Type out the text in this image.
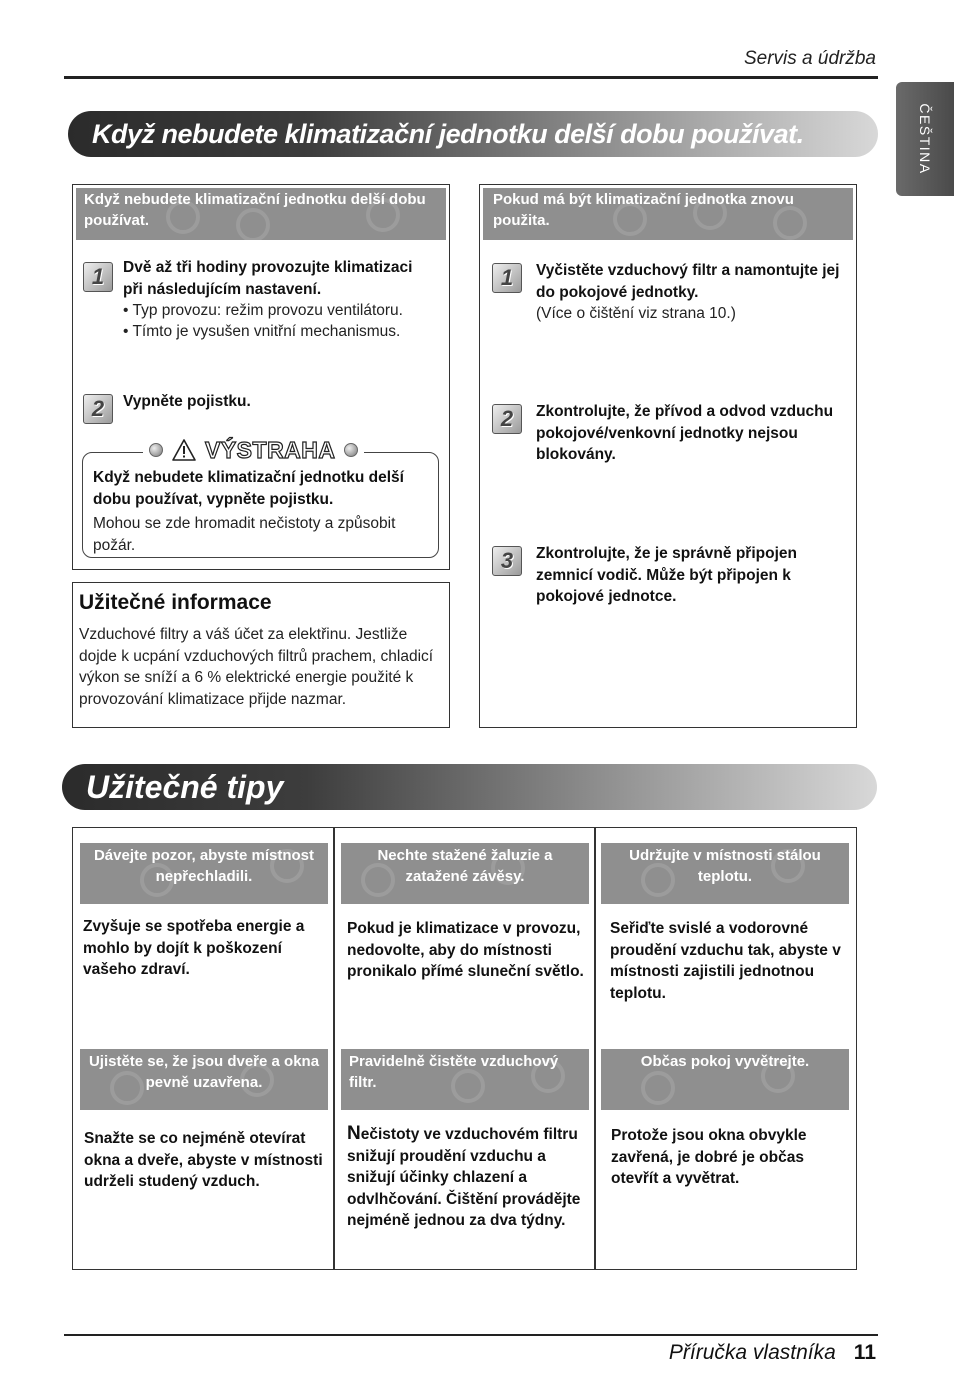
Servis a údržba
ČEŠTINA
Když nebudete klimatizační jednotku delší dobu používat.
Když nebudete klimatizační jednotku delší dobu používat.
1	Dvě až tři hodiny provozujte klimatizaci při následujícím nastavení.
• Typ provozu: režim provozu ventilátoru.
• Tímto je vysušen vnitřní mechanismus.
2	Vypněte pojistku.
VÝSTRAHA
Když nebudete klimatizační jednotku delší dobu používat, vypněte pojistku.
Mohou se zde hromadit nečistoty a způsobit požár.
Užitečné informace
Vzduchové filtry a váš účet za elektřinu. Jestliže dojde k ucpání vzduchových filtrů prachem, chladicí výkon se sníží a 6 % elektrické energie použité k provozování klimatizace přijde nazmar.
Pokud má být klimatizační jednotka znovu použita.
1	Vyčistěte vzduchový filtr a namontujte jej do pokojové jednotky.
(Více o čištění viz strana 10.)
2	Zkontrolujte, že přívod a odvod vzduchu pokojové/venkovní jednotky nejsou blokovány.
3	Zkontrolujte, že je správně připojen zemnicí vodič. Může být připojen k pokojové jednotce.
Užitečné tipy
Dávejte pozor, abyste místnost nepřechladili.
Nechte stažené žaluzie a zatažené závěsy.
Udržujte v místnosti stálou teplotu.
Zvyšuje se spotřeba energie a mohlo by dojít k poškození vašeho zdraví.
Pokud je klimatizace v provozu, nedovolte, aby do místnosti pronikalo přímé sluneční světlo.
Seřiďte svislé a vodorovné proudění vzduchu tak, abyste v místnosti zajistili jednotnou teplotu.
Ujistěte se, že jsou dveře a okna pevně uzavřena.
Pravidelně čistěte vzduchový filtr.
Občas pokoj vyvětrejte.
Snažte se co nejméně otevírat okna a dveře, abyste v místnosti udrželi studený vzduch.
Nečistoty ve vzduchovém filtru snižují proudění vzduchu a snižují účinky chlazení a odvlhčování. Čištění provádějte nejméně jednou za dva týdny.
Protože jsou okna obvykle zavřená, je dobré je občas otevřít a vyvětrat.
Příručka vlastníka 11
